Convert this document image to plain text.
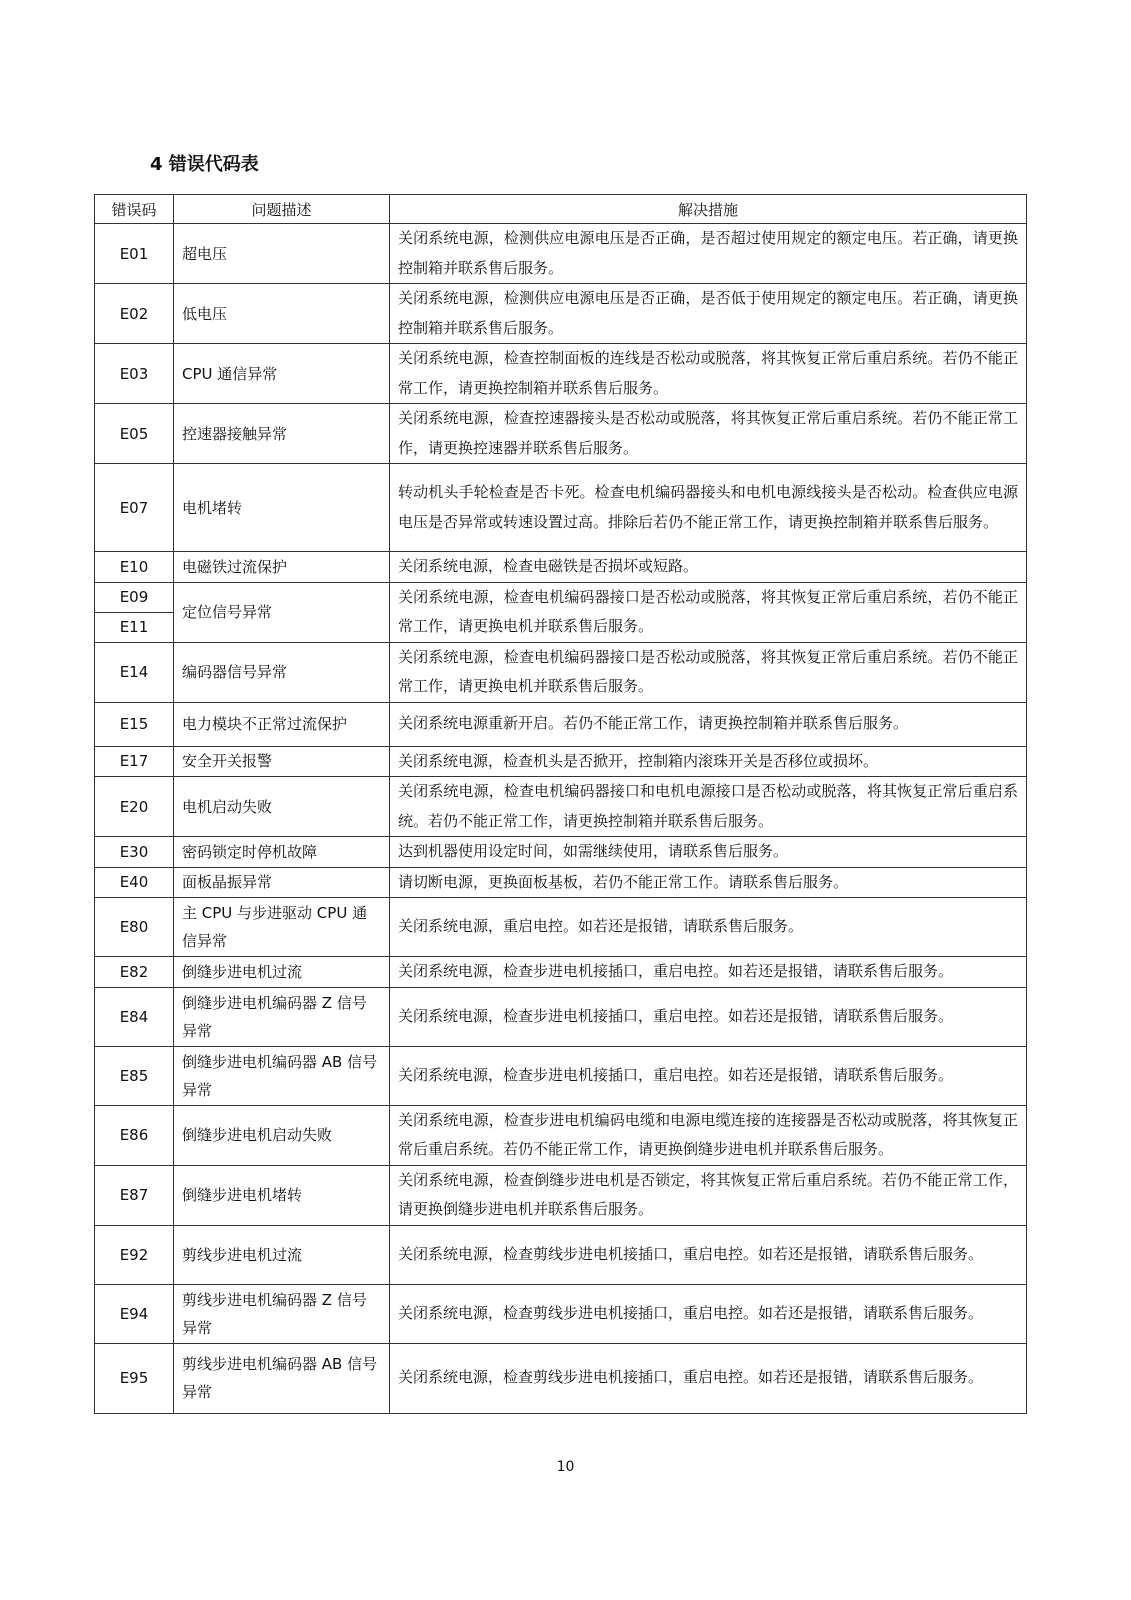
4 错误代码表
错误码	问题描述	解决措施
E01	超电压	关闭系统电源，检测供应电源电压是否正确，是否超过使用规定的额定电压。若正确，请更换控制箱并联系售后服务。
E02	低电压	关闭系统电源，检测供应电源电压是否正确，是否低于使用规定的额定电压。若正确，请更换控制箱并联系售后服务。
E03	CPU 通信异常	关闭系统电源，检查控制面板的连线是否松动或脱落，将其恢复正常后重启系统。若仍不能正常工作，请更换控制箱并联系售后服务。
E05	控速器接触异常	关闭系统电源，检查控速器接头是否松动或脱落，将其恢复正常后重启系统。若仍不能正常工作，请更换控速器并联系售后服务。
E07	电机堵转	转动机头手轮检查是否卡死。检查电机编码器接头和电机电源线接头是否松动。检查供应电源电压是否异常或转速设置过高。排除后若仍不能正常工作，请更换控制箱并联系售后服务。
E10	电磁铁过流保护	关闭系统电源，检查电磁铁是否损坏或短路。
E09	定位信号异常	关闭系统电源，检查电机编码器接口是否松动或脱落，将其恢复正常后重启系统，若仍不能正常工作，请更换电机并联系售后服务。
E11		
E14	编码器信号异常	关闭系统电源，检查电机编码器接口是否松动或脱落，将其恢复正常后重启系统。若仍不能正常工作，请更换电机并联系售后服务。
E15	电力模块不正常过流保护	关闭系统电源重新开启。若仍不能正常工作，请更换控制箱并联系售后服务。
E17	安全开关报警	关闭系统电源，检查机头是否掀开，控制箱内滚珠开关是否移位或损坏。
E20	电机启动失败	关闭系统电源，检查电机编码器接口和电机电源接口是否松动或脱落，将其恢复正常后重启系统。若仍不能正常工作，请更换控制箱并联系售后服务。
E30	密码锁定时停机故障	达到机器使用设定时间，如需继续使用，请联系售后服务。
E40	面板晶振异常	请切断电源，更换面板基板，若仍不能正常工作。请联系售后服务。
E80	主 CPU 与步进驱动 CPU 通信异常	关闭系统电源，重启电控。如若还是报错，请联系售后服务。
E82	倒缝步进电机过流	关闭系统电源，检查步进电机接插口，重启电控。如若还是报错，请联系售后服务。
E84	倒缝步进电机编码器 Z 信号异常	关闭系统电源，检查步进电机接插口，重启电控。如若还是报错，请联系售后服务。
E85	倒缝步进电机编码器 AB 信号异常	关闭系统电源，检查步进电机接插口，重启电控。如若还是报错，请联系售后服务。
E86	倒缝步进电机启动失败	关闭系统电源，检查步进电机编码电缆和电源电缆连接的连接器是否松动或脱落，将其恢复正常后重启系统。若仍不能正常工作，请更换倒缝步进电机并联系售后服务。
E87	倒缝步进电机堵转	关闭系统电源，检查倒缝步进电机是否锁定，将其恢复正常后重启系统。若仍不能正常工作，请更换倒缝步进电机并联系售后服务。
E92	剪线步进电机过流	关闭系统电源，检查剪线步进电机接插口，重启电控。如若还是报错，请联系售后服务。
E94	剪线步进电机编码器 Z 信号异常	关闭系统电源，检查剪线步进电机接插口，重启电控。如若还是报错，请联系售后服务。
E95	剪线步进电机编码器 AB 信号异常	关闭系统电源，检查剪线步进电机接插口，重启电控。如若还是报错，请联系售后服务。
10
